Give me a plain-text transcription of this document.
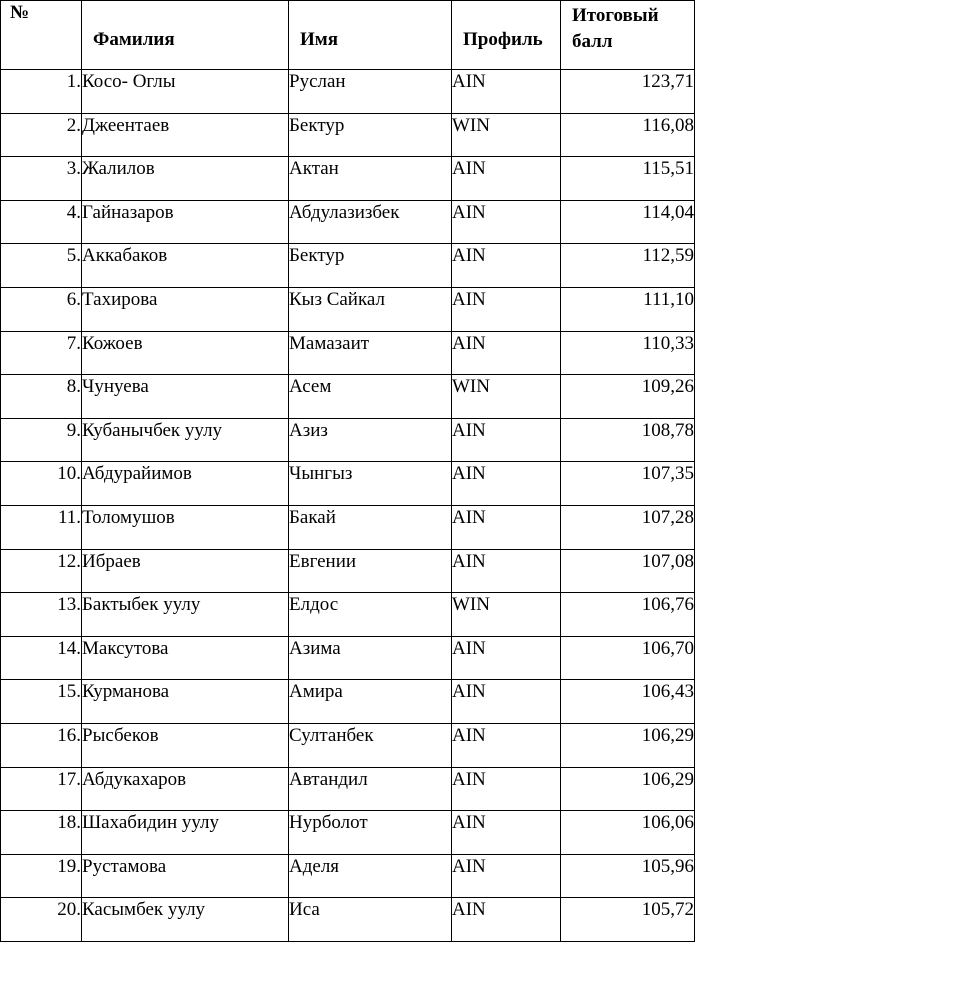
№	Фамилия	Имя	Профиль	Итоговый балл

1.	Косо- Оглы	Руслан	AIN	123,71
2.	Джеентаев	Бектур	WIN	116,08
3.	Жалилов	Актан	AIN	115,51
4.	Гайназаров	Абдулазизбек	AIN	114,04
5.	Аккабаков	Бектур	AIN	112,59
6.	Тахирова	Кыз Сайкал	AIN	111,10
7.	Кожоев	Мамазаит	AIN	110,33
8.	Чунуева	Асем	WIN	109,26
9.	Кубанычбек уулу	Азиз	AIN	108,78
10.	Абдурайимов	Чынгыз	AIN	107,35
11.	Толомушов	Бакай	AIN	107,28
12.	Ибраев	Евгении	AIN	107,08
13.	Бактыбек уулу	Елдос	WIN	106,76
14.	Максутова	Азима	AIN	106,70
15.	Курманова	Амира	AIN	106,43
16.	Рысбеков	Султанбек	AIN	106,29
17.	Абдукахаров	Автандил	AIN	106,29
18.	Шахабидин уулу	Нурболот	AIN	106,06
19.	Рустамова	Аделя	AIN	105,96
20.	Касымбек уулу	Иса	AIN	105,72
